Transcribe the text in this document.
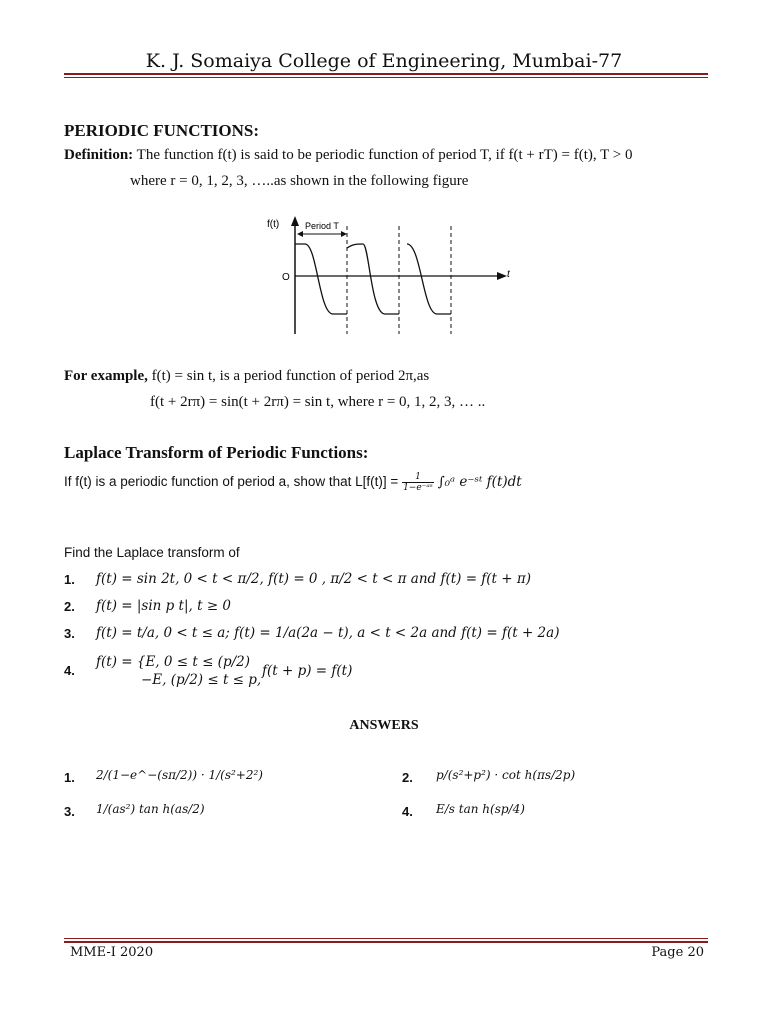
K. J. Somaiya College of Engineering, Mumbai-77
PERIODIC FUNCTIONS:
Definition: The function f(t) is said to be periodic function of period T, if f(t + rT) = f(t), T > 0
where r = 0, 1, 2, 3, …..as shown in the following figure
f(t)
t
O
Period T
For example, f(t) = sin t, is a period function of period 2π,as
f(t + 2rπ) = sin(t + 2rπ) = sin t, where r = 0, 1, 2, 3, … ..
Laplace Transform of Periodic Functions:
If f(t) is a periodic function of period a, show that $L[f(t)] = \frac{1}{\text{1−e⁻ᵃˢ}}$ ∫₀ᵃ e⁻ˢᵗ f(t)dt
Find the Laplace transform of
1. f(t) = sin 2t, 0 < t < π/2, f(t) = 0 , π/2 < t < π and f(t) = f(t + π)
2. f(t) = |sin p t|, t ≥ 0
3. f(t) = t/a, 0 < t ≤ a; f(t) = 1/a(2a − t), a < t < 2a and f(t) = f(t + 2a)
4.
f(t) = {E, 0 ≤ t ≤ (p/2)
−E, (p/2) ≤ t ≤ p,
f(t + p) = f(t)
ANSWERS
1. 2/(1−e^−(sπ/2)) · 1/(s²+2²)	2. p/(s²+p²) · cot h(πs/2p)
3. 1/(as²) tan h(as/2)	4. E/s tan h(sp/4)
MME-I 2020	Page 20
